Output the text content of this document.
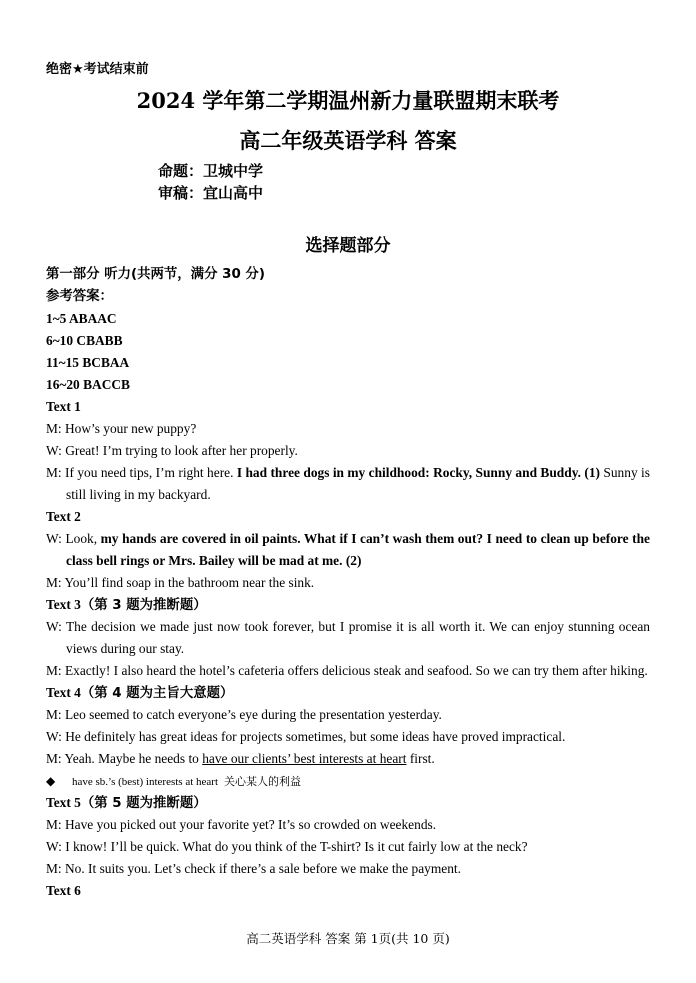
绝密★考试结束前
2024 学年第二学期温州新力量联盟期末联考
高二年级英语学科 答案
命题：卫城中学
审稿：宜山高中
选择题部分
第一部分 听力(共两节，满分 30 分)
参考答案：
1~5 ABAAC
6~10 CBABB
11~15 BCBAA
16~20 BACCB
Text 1
M: How’s your new puppy?
W: Great! I’m trying to look after her properly.
M: If you need tips, I’m right here. I had three dogs in my childhood: Rocky, Sunny and Buddy. (1) Sunny is still living in my backyard.
Text 2
W: Look, my hands are covered in oil paints. What if I can’t wash them out? I need to clean up before the class bell rings or Mrs. Bailey will be mad at me. (2)
M: You’ll find soap in the bathroom near the sink.
Text 3（第 3 题为推断题）
W: The decision we made just now took forever, but I promise it is all worth it. We can enjoy stunning ocean views during our stay.
M: Exactly! I also heard the hotel’s cafeteria offers delicious steak and seafood. So we can try them after hiking.
Text 4（第 4 题为主旨大意题）
M: Leo seemed to catch everyone’s eye during the presentation yesterday.
W: He definitely has great ideas for projects sometimes, but some ideas have proved impractical.
M: Yeah. Maybe he needs to have our clients’ best interests at heart first.
◆ have sb.’s (best) interests at heart 关心某人的利益
Text 5（第 5 题为推断题）
M: Have you picked out your favorite yet? It’s so crowded on weekends.
W: I know! I’ll be quick. What do you think of the T-shirt? Is it cut fairly low at the neck?
M: No. It suits you. Let’s check if there’s a sale before we make the payment.
Text 6
高二英语学科 答案 第 1页(共 10 页)
